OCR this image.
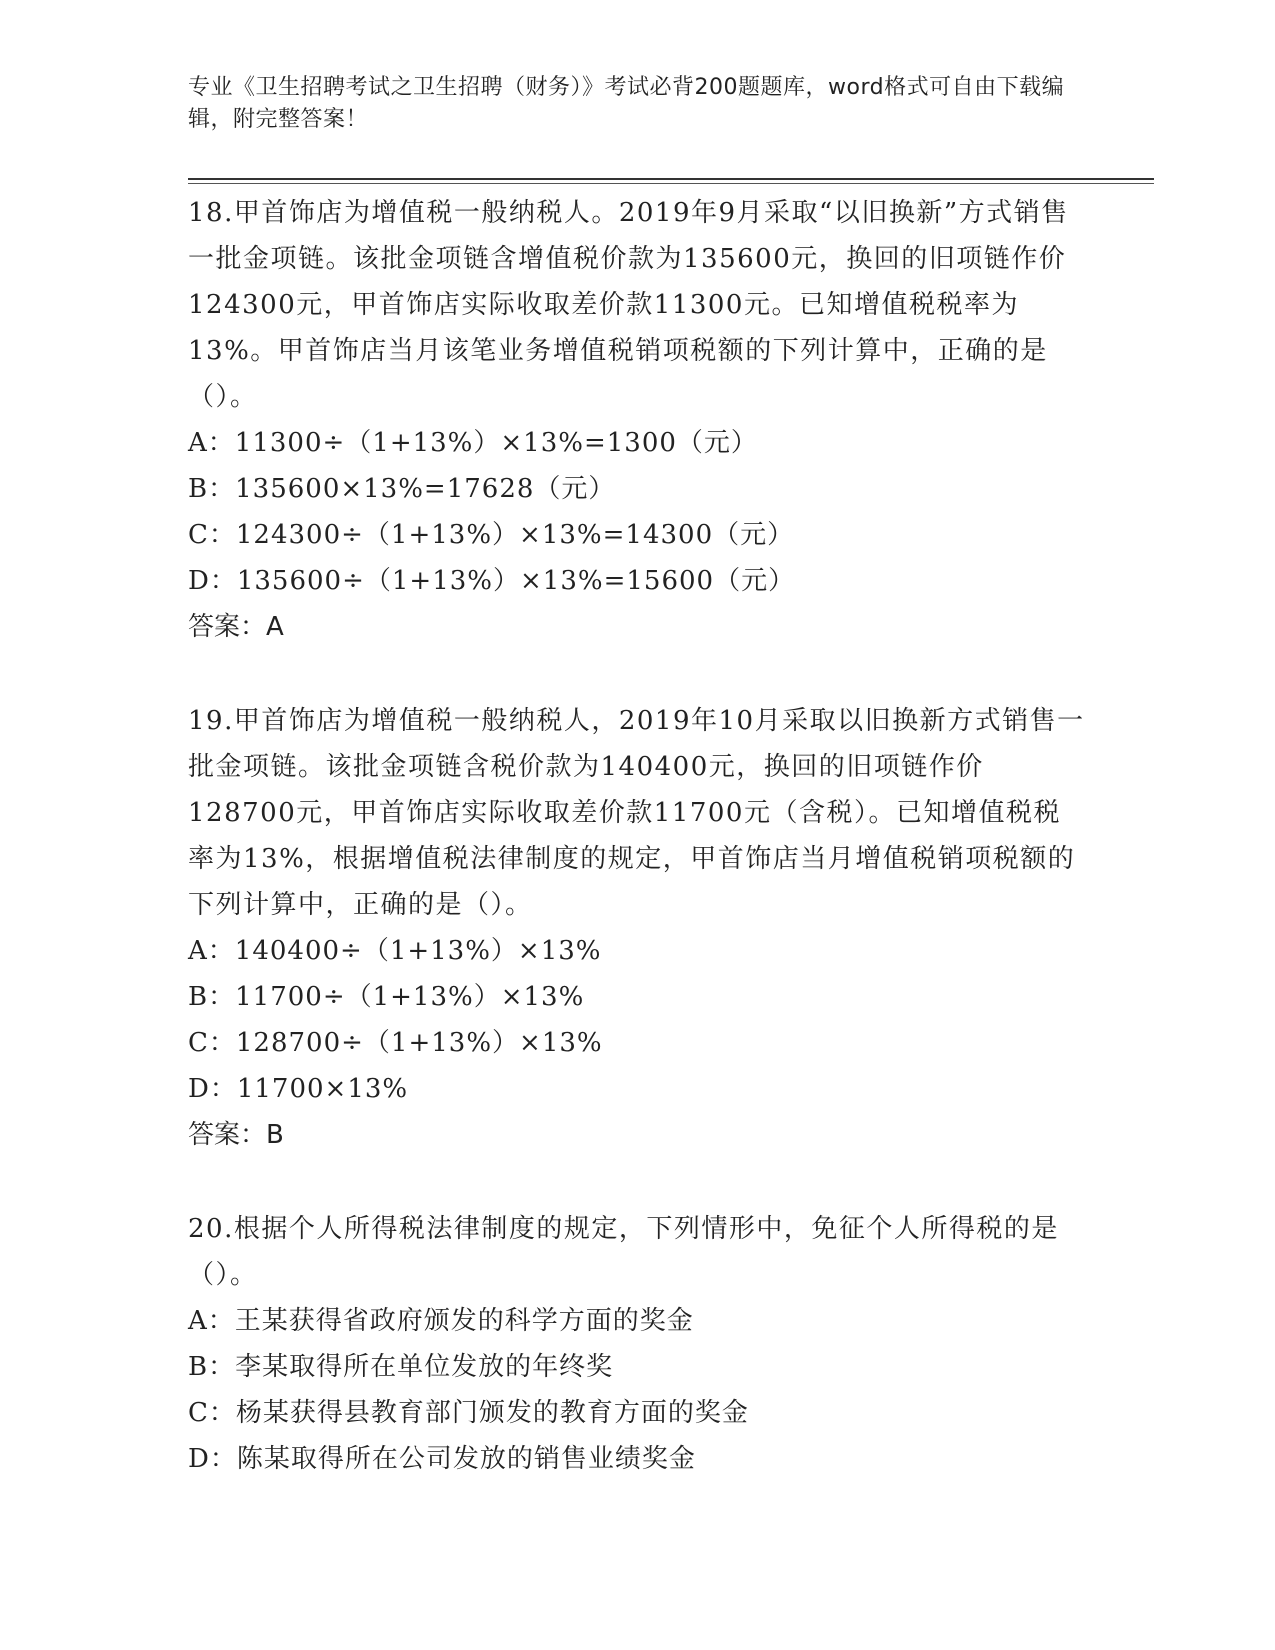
专业《卫生招聘考试之卫生招聘（财务）》考试必背200题题库，word格式可自由下载编辑，附完整答案！

18.甲首饰店为增值税一般纳税人。2019年9月采取“以旧换新”方式销售一批金项链。该批金项链含增值税价款为135600元，换回的旧项链作价124300元，甲首饰店实际收取差价款11300元。已知增值税税率为13%。甲首饰店当月该笔业务增值税销项税额的下列计算中，正确的是（）。

A：11300÷（1+13%）×13%=1300（元）

B：135600×13%=17628（元）

C：124300÷（1+13%）×13%=14300（元）

D：135600÷（1+13%）×13%=15600（元）

答案：A

19.甲首饰店为增值税一般纳税人，2019年10月采取以旧换新方式销售一批金项链。该批金项链含税价款为140400元，换回的旧项链作价128700元，甲首饰店实际收取差价款11700元（含税）。已知增值税税率为13%，根据增值税法律制度的规定，甲首饰店当月增值税销项税额的下列计算中，正确的是（）。

A：140400÷（1+13%）×13%

B：11700÷（1+13%）×13%

C：128700÷（1+13%）×13%

D：11700×13%

答案：B

20.根据个人所得税法律制度的规定，下列情形中，免征个人所得税的是（）。

A：王某获得省政府颁发的科学方面的奖金

B：李某取得所在单位发放的年终奖

C：杨某获得县教育部门颁发的教育方面的奖金

D：陈某取得所在公司发放的销售业绩奖金
